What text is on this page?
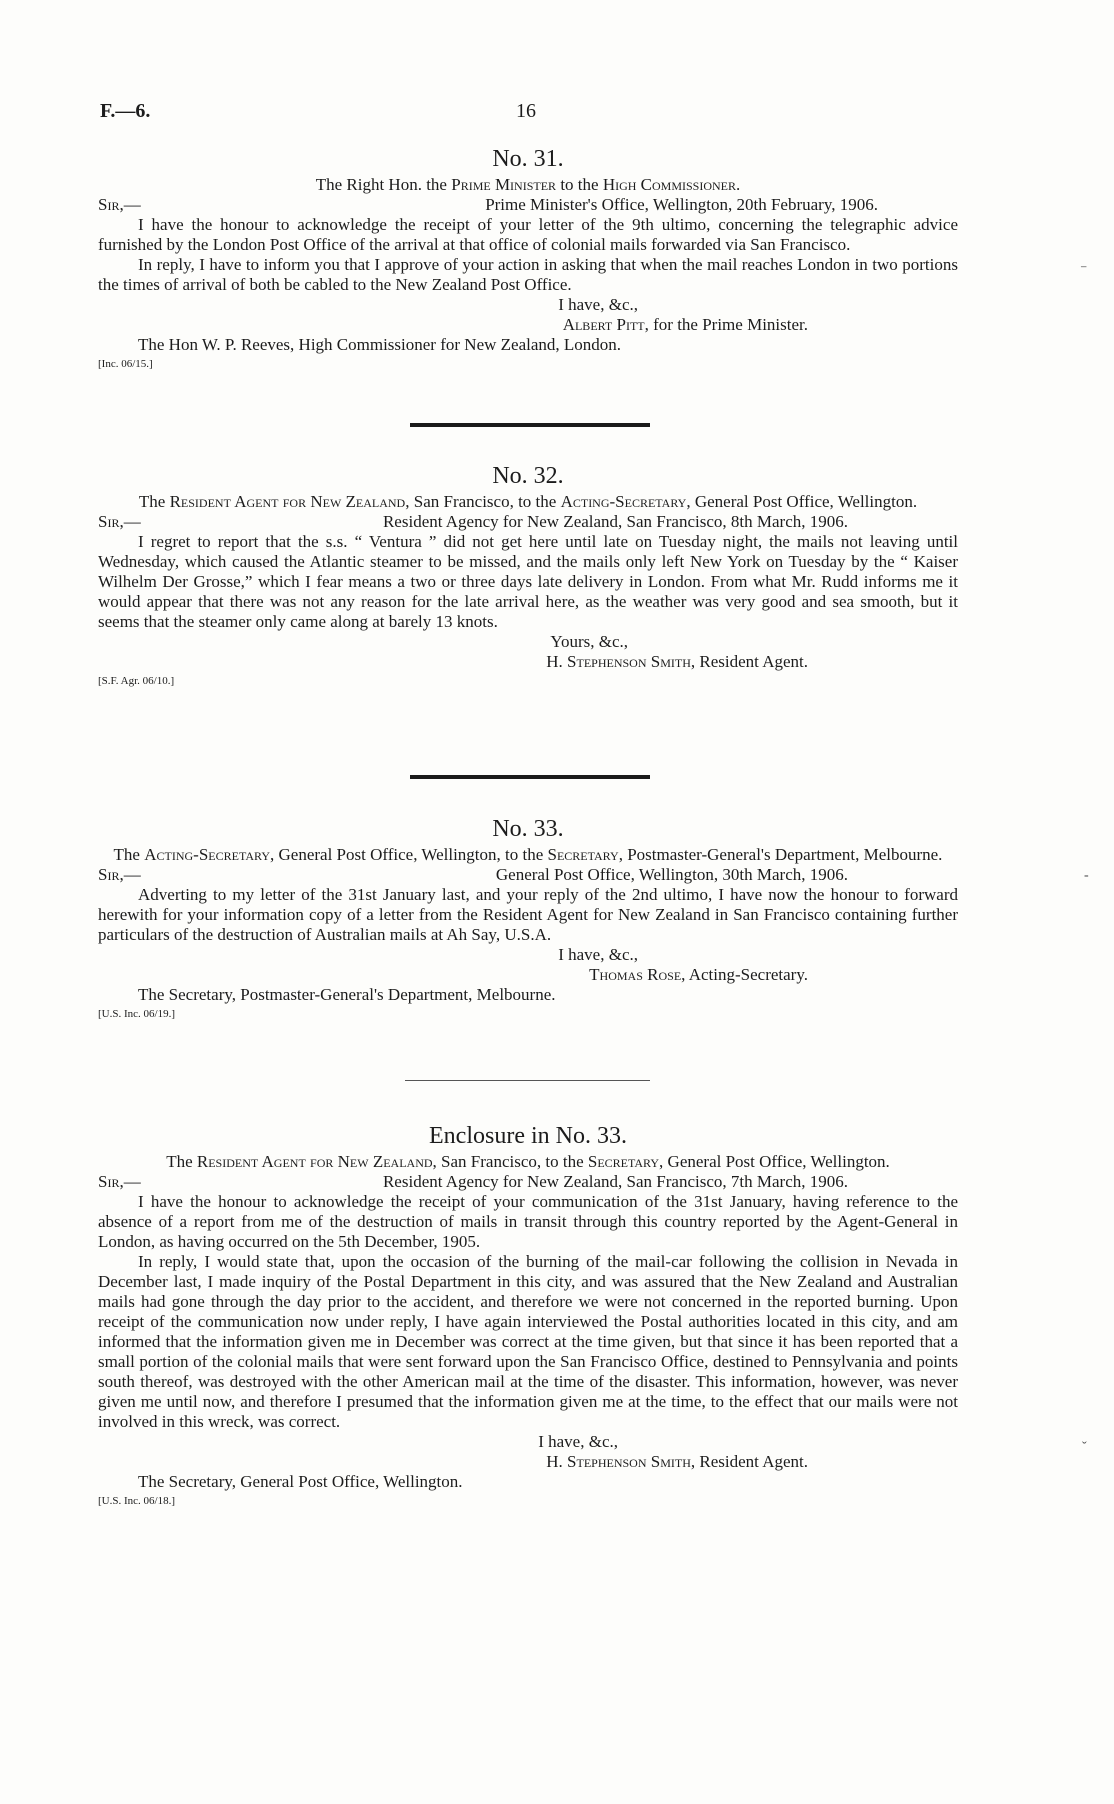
F.—6.	16

No. 31.

The Right Hon. the Prime Minister to the High Commissioner.

Sir,—	Prime Minister's Office, Wellington, 20th February, 1906.

I have the honour to acknowledge the receipt of your letter of the 9th ultimo, concerning the telegraphic advice furnished by the London Post Office of the arrival at that office of colonial mails forwarded via San Francisco.

In reply, I have to inform you that I approve of your action in asking that when the mail reaches London in two portions the times of arrival of both be cabled to the New Zealand Post Office.

I have, &c.,

Albert Pitt, for the Prime Minister.

The Hon W. P. Reeves, High Commissioner for New Zealand, London.

[Inc. 06/15.]

No. 32.

The Resident Agent for New Zealand, San Francisco, to the Acting-Secretary, General Post Office, Wellington.

Sir,—	Resident Agency for New Zealand, San Francisco, 8th March, 1906.

I regret to report that the s.s. “ Ventura ” did not get here until late on Tuesday night, the mails not leaving until Wednesday, which caused the Atlantic steamer to be missed, and the mails only left New York on Tuesday by the “ Kaiser Wilhelm Der Grosse,” which I fear means a two or three days late delivery in London. From what Mr. Rudd informs me it would appear that there was not any reason for the late arrival here, as the weather was very good and sea smooth, but it seems that the steamer only came along at barely 13 knots.

Yours, &c.,

H. Stephenson Smith, Resident Agent.

[S.F. Agr. 06/10.]

No. 33.

The Acting-Secretary, General Post Office, Wellington, to the Secretary, Postmaster-General's Department, Melbourne.

Sir,—	General Post Office, Wellington, 30th March, 1906.

Adverting to my letter of the 31st January last, and your reply of the 2nd ultimo, I have now the honour to forward herewith for your information copy of a letter from the Resident Agent for New Zealand in San Francisco containing further particulars of the destruction of Australian mails at Ah Say, U.S.A.

I have, &c.,

Thomas Rose, Acting-Secretary.

The Secretary, Postmaster-General's Department, Melbourne.

[U.S. Inc. 06/19.]

Enclosure in No. 33.

The Resident Agent for New Zealand, San Francisco, to the Secretary, General Post Office, Wellington.

Sir,—	Resident Agency for New Zealand, San Francisco, 7th March, 1906.

I have the honour to acknowledge the receipt of your communication of the 31st January, having reference to the absence of a report from me of the destruction of mails in transit through this country reported by the Agent-General in London, as having occurred on the 5th December, 1905.

In reply, I would state that, upon the occasion of the burning of the mail-car following the collision in Nevada in December last, I made inquiry of the Postal Department in this city, and was assured that the New Zealand and Australian mails had gone through the day prior to the accident, and therefore we were not concerned in the reported burning. Upon receipt of the communication now under reply, I have again interviewed the Postal authorities located in this city, and am informed that the information given me in December was correct at the time given, but that since it has been reported that a small portion of the colonial mails that were sent forward upon the San Francisco Office, destined to Pennsylvania and points south thereof, was destroyed with the other American mail at the time of the disaster. This information, however, was never given me until now, and therefore I presumed that the information given me at the time, to the effect that our mails were not involved in this wreck, was correct.

I have, &c.,

H. Stephenson Smith, Resident Agent.

The Secretary, General Post Office, Wellington.

[U.S. Inc. 06/18.]

⁻
-
ˇ
